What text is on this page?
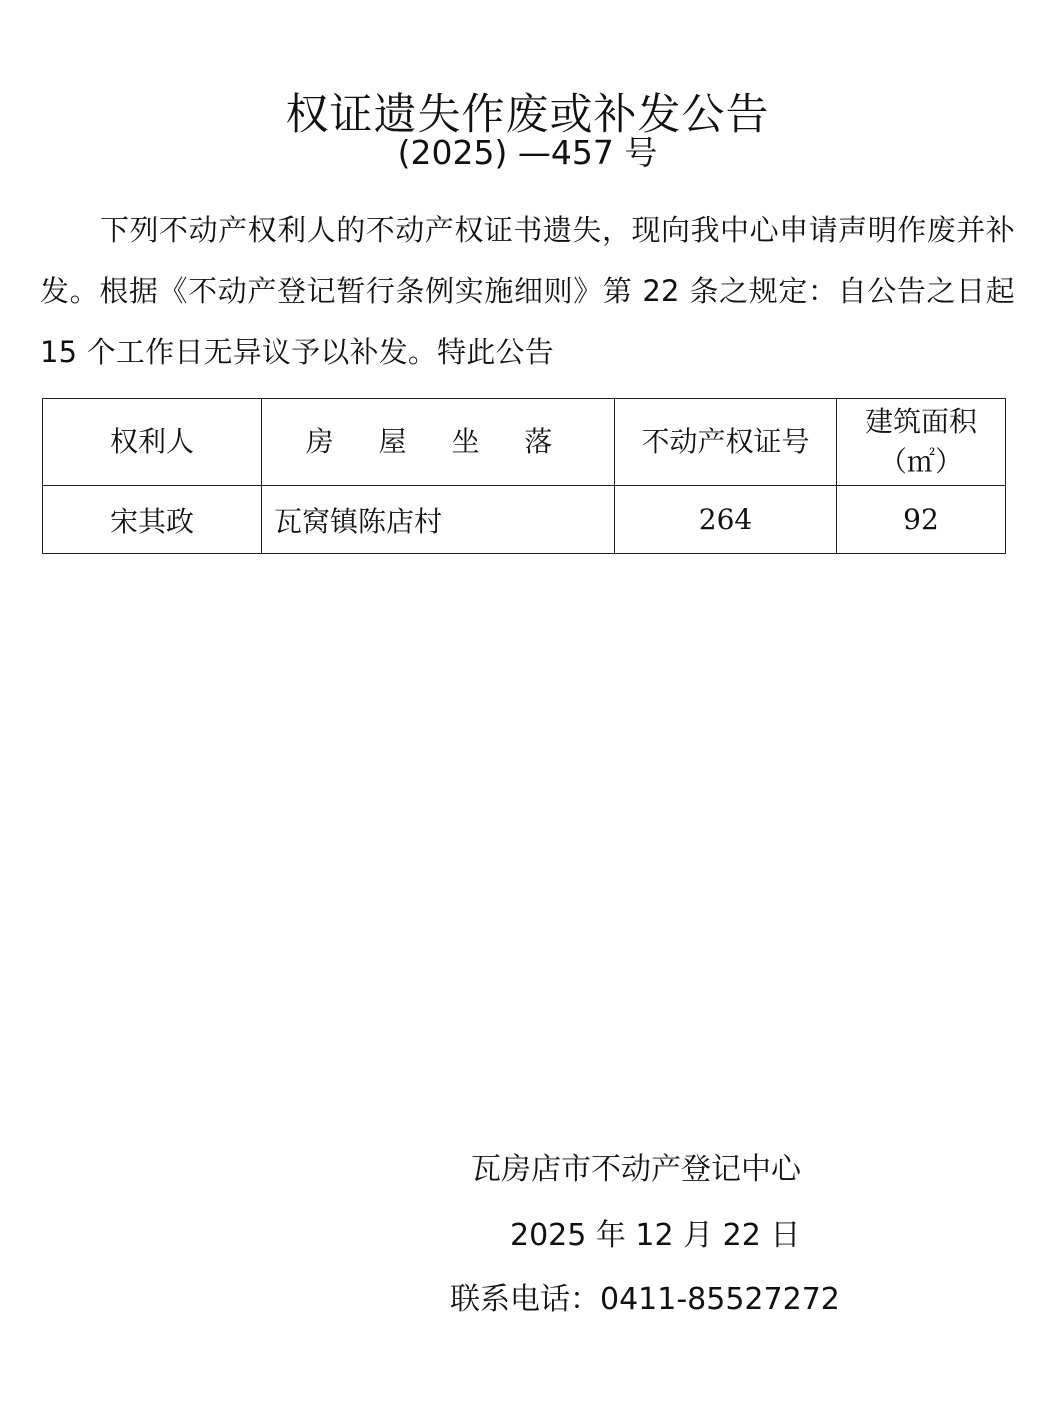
权证遗失作废或补发公告
(2025) —457 号

下列不动产权利人的不动产权证书遗失，现向我中心申请声明作废并补发。根据《不动产登记暂行条例实施细则》第 22 条之规定：自公告之日起 15 个工作日无异议予以补发。特此公告

权利人	房 屋 坐 落	不动产权证号	建筑面积
（㎡）

宋其政	瓦窝镇陈店村	264	92
瓦房店市不动产登记中心
2025 年 12 月 22 日
联系电话：0411-85527272
